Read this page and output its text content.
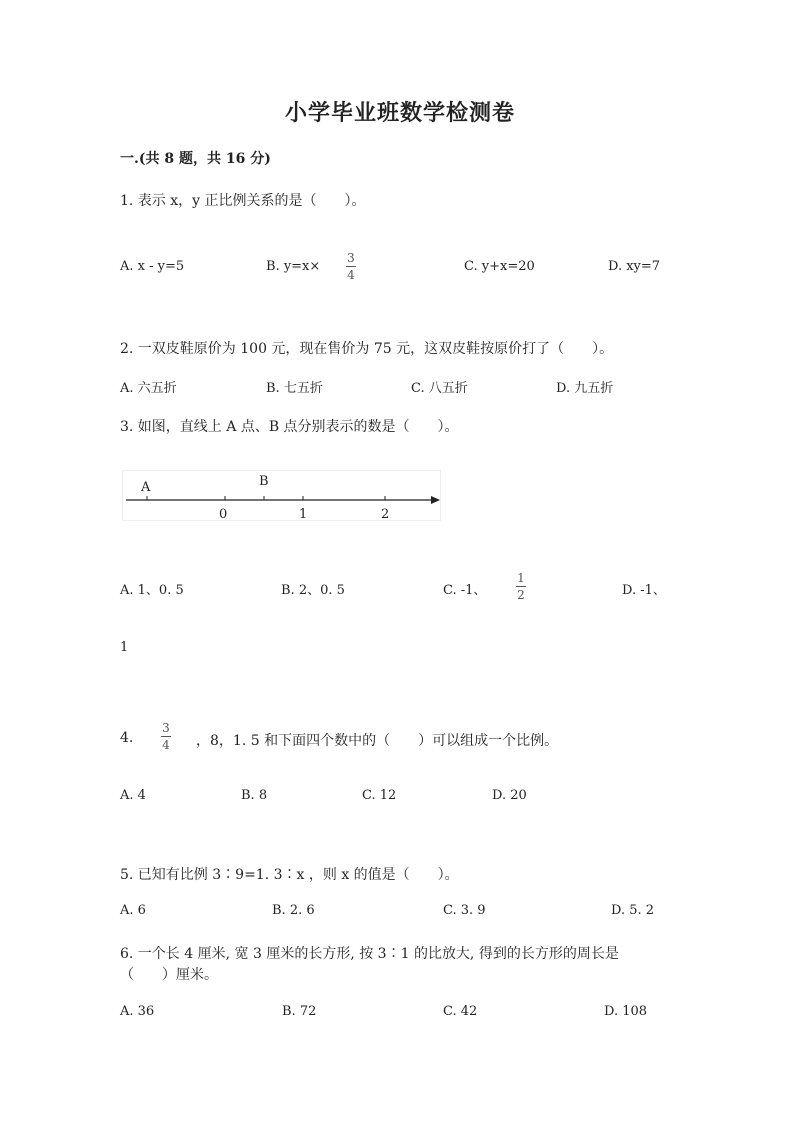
小学毕业班数学检测卷
一.(共 8 题，共 16 分)
1. 表示 x，y 正比例关系的是（　　）。
A. x - y=5	B. y=x×
3
4
C. y+x=20	D. xy=7
2. 一双皮鞋原价为 100 元，现在售价为 75 元，这双皮鞋按原价打了（　　）。
A. 六五折	B. 七五折	C. 八五折	D. 九五折
3. 如图，直线上 A 点、B 点分别表示的数是（　　）。
A	B
0	1	2
A. 1、0. 5	B. 2、0. 5	C. -1、
1
2	D. -1、
1
4.
3
4 ，8，1. 5 和下面四个数中的（　　）可以组成一个比例。
A. 4	B. 8	C. 12	D. 20
5. 已知有比例 3∶9=1. 3∶x ，则 x 的值是（　　）。
A. 6	B. 2. 6	C. 3. 9	D. 5. 2
6. 一个长 4 厘米, 宽 3 厘米的长方形, 按 3∶1 的比放大, 得到的长方形的周长是
（　　）厘米。
A. 36	B. 72	C. 42	D. 108
